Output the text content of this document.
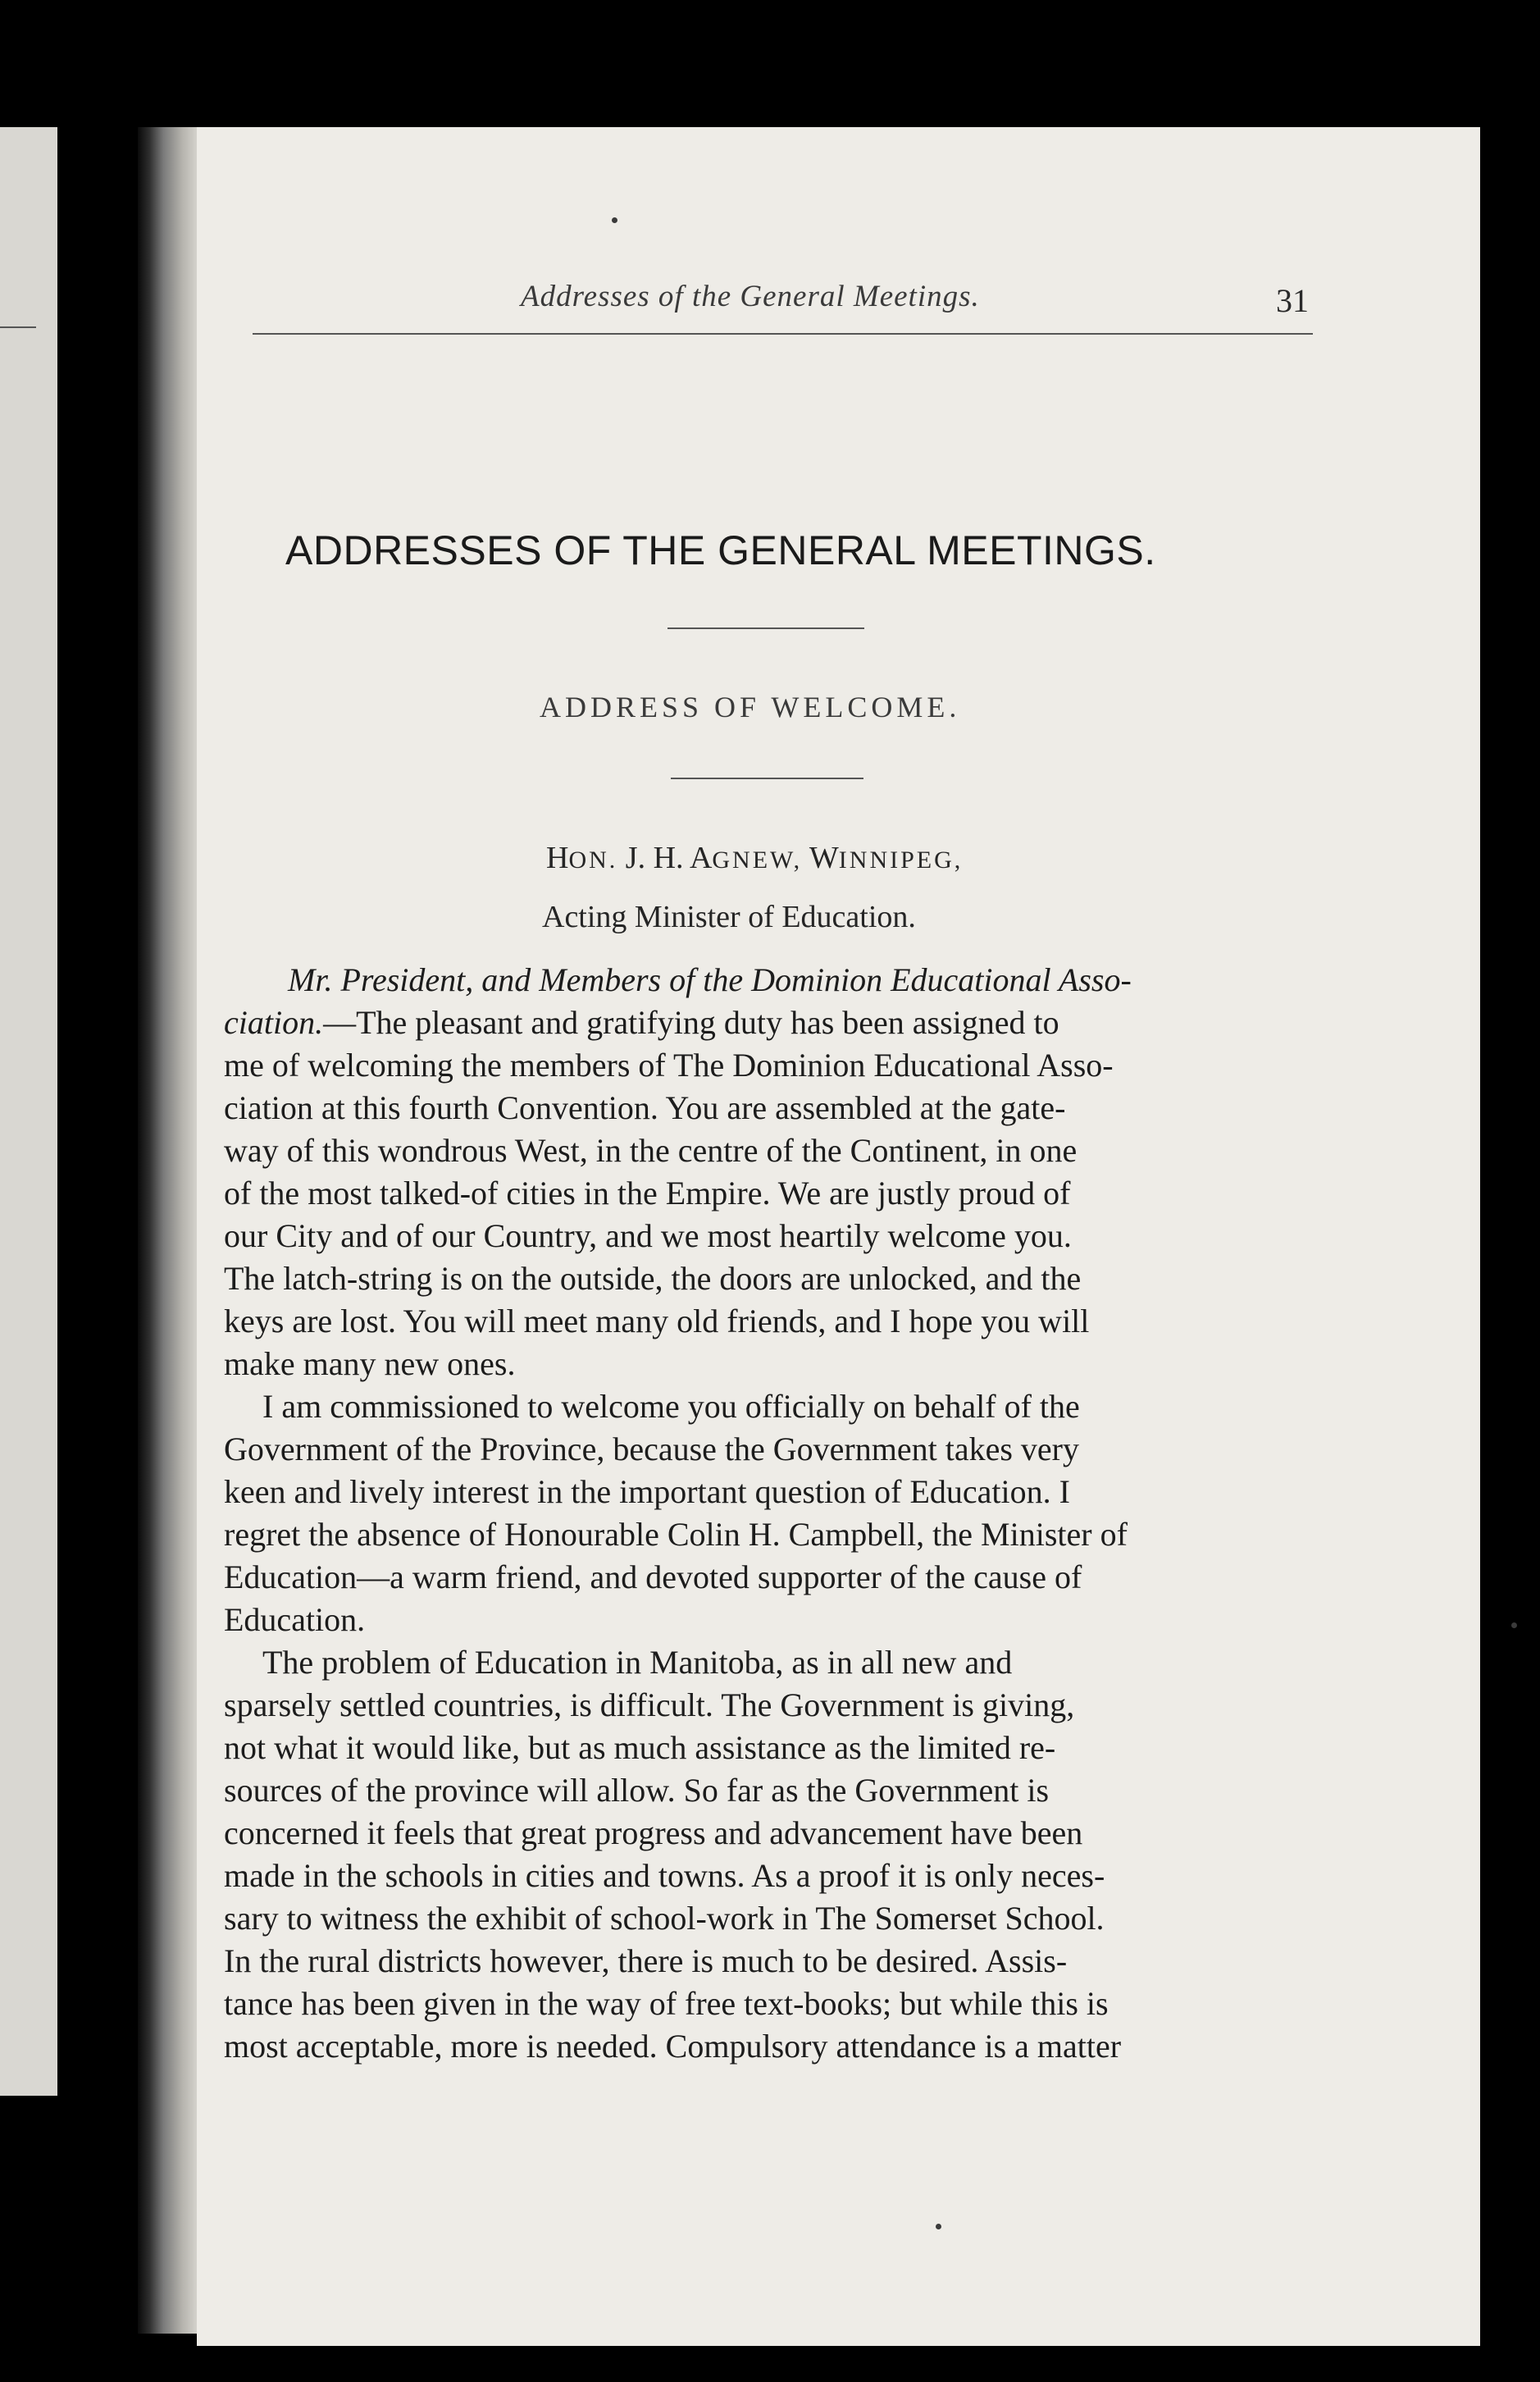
Addresses of the General Meetings.	31
ADDRESSES OF THE GENERAL MEETINGS.
ADDRESS OF WELCOME.
HON. J. H. AGNEW, WINNIPEG,
Acting Minister of Education.
Mr. President, and Members of the Dominion Educational Asso-
ciation.—The pleasant and gratifying duty has been assigned to
me of welcoming the members of The Dominion Educational Asso-
ciation at this fourth Convention. You are assembled at the gate-
way of this wondrous West, in the centre of the Continent, in one
of the most talked-of cities in the Empire. We are justly proud of
our City and of our Country, and we most heartily welcome you.
The latch-string is on the outside, the doors are unlocked, and the
keys are lost. You will meet many old friends, and I hope you will
make many new ones.
I am commissioned to welcome you officially on behalf of the
Government of the Province, because the Government takes very
keen and lively interest in the important question of Education. I
regret the absence of Honourable Colin H. Campbell, the Minister of
Education—a warm friend, and devoted supporter of the cause of
Education.
The problem of Education in Manitoba, as in all new and
sparsely settled countries, is difficult. The Government is giving,
not what it would like, but as much assistance as the limited re-
sources of the province will allow. So far as the Government is
concerned it feels that great progress and advancement have been
made in the schools in cities and towns. As a proof it is only neces-
sary to witness the exhibit of school-work in The Somerset School.
In the rural districts however, there is much to be desired. Assis-
tance has been given in the way of free text-books; but while this is
most acceptable, more is needed. Compulsory attendance is a matter
